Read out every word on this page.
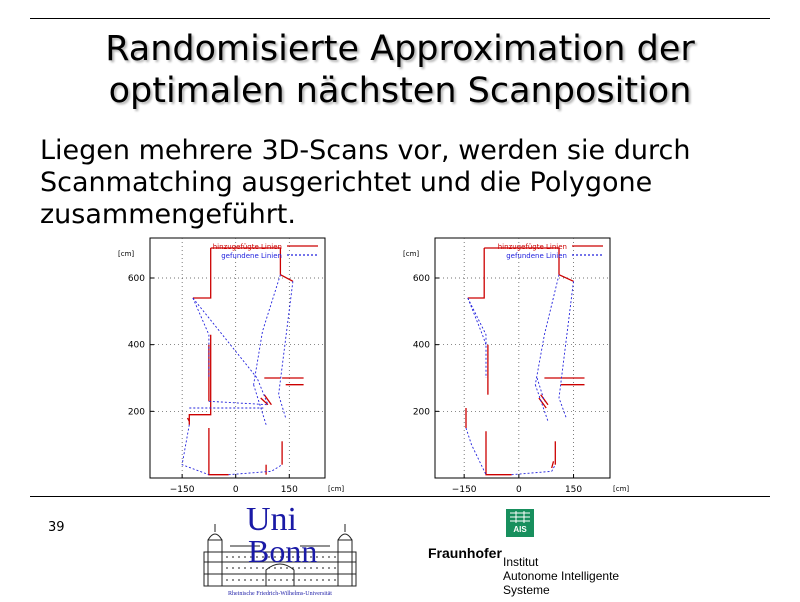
Randomisierte Approximation der
optimalen nächsten Scanposition
Liegen mehrere 3D-Scans vor, werden sie durch Scanmatching ausgerichtet und die Polygone zusammengeführt.
−150	0	150
200
400
600
[cm]
[cm]
hinzugefügte Linien
gefundene Linien
−150	0	150
200
400
600
[cm]
[cm]
hinzugefügte Linien
gefundene Linien
39	Uni
Bonn
Rheinische Friedrich-Wilhelms-Universität
AIS
Fraunhofer
Institut
Autonome Intelligente
Systeme
